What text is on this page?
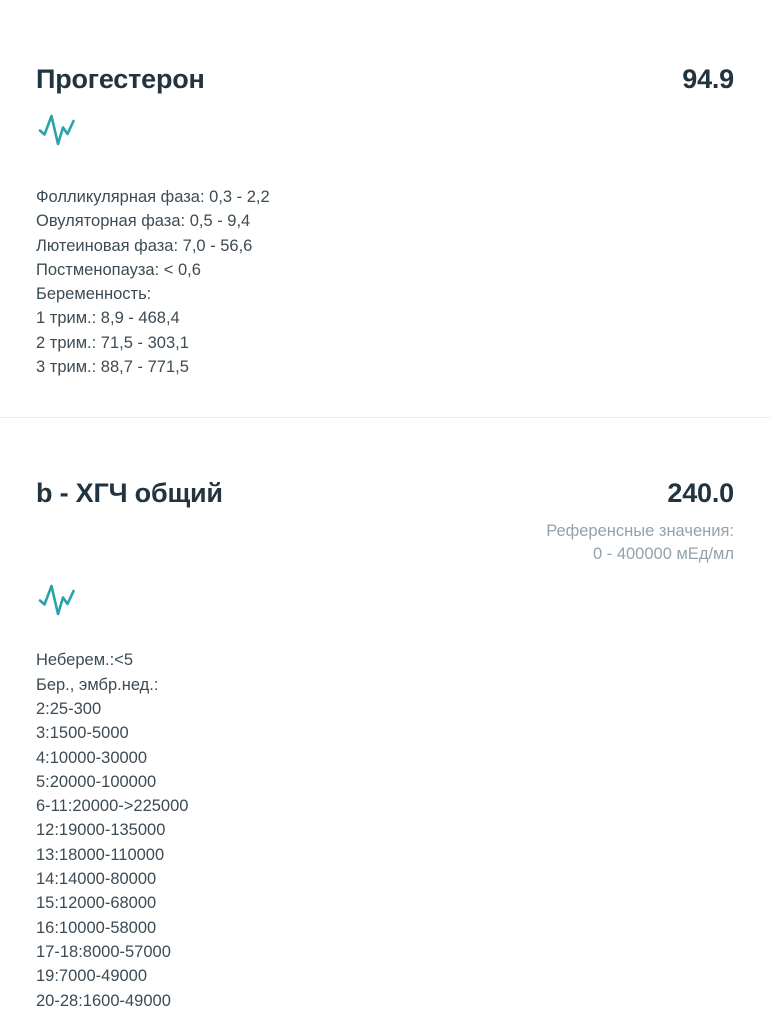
Прогестерон	94.9
Фолликулярная фаза: 0,3 - 2,2
Овуляторная фаза: 0,5 - 9,4
Лютеиновая фаза: 7,0 - 56,6
Постменопауза: < 0,6
Беременность:
1 трим.: 8,9 - 468,4
2 трим.: 71,5 - 303,1
3 трим.: 88,7 - 771,5
b - ХГЧ общий	240.0
Референсные значения:
0 - 400000 мЕд/мл
Неберем.:<5
Бер., эмбр.нед.:
2:25-300
3:1500-5000
4:10000-30000
5:20000-100000
6-11:20000->225000
12:19000-135000
13:18000-110000
14:14000-80000
15:12000-68000
16:10000-58000
17-18:8000-57000
19:7000-49000
20-28:1600-49000
